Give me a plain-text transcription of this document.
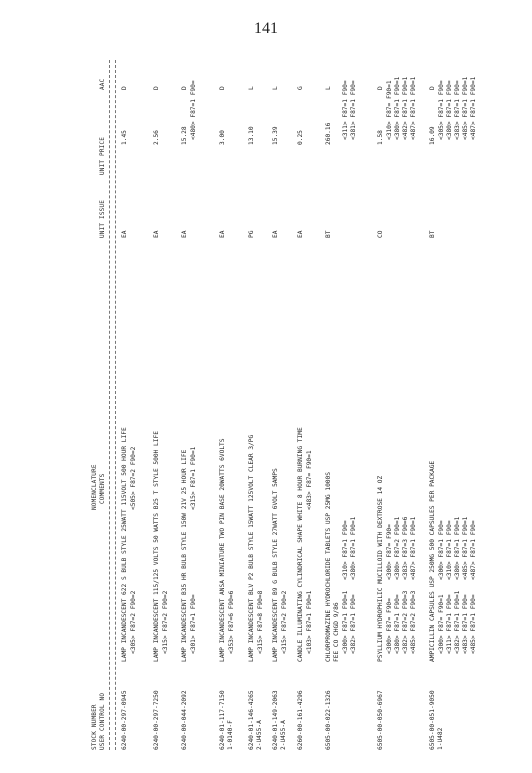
141
STOCK NUMBER USER CONTROL NO
NOMENCLATURE COMMENTS
UNIT ISSUE
UNIT PRICE
AAC
6240-00-297-0945
LAMP INCANDESCENT 622 S BULB STYLE 25WATT 115VOLT 500 HOUR LIFE
EA
1.45
D
<305> F87=2 F90=2
<505> F87=2 F90=2
6240-00-297-7250
LAMP INCANDESCENT 115/125 VOLTS 50 WATTS B25 T STYLE 500H LIFE
EA
2.56
D
<315> F87=2 F90=2
6240-00-044-2092
LAMP INCANDESCENT B35 HR BULB STYLE 150W 21V 25 HOUR LIFE
EA
15.28
D
<301> F87=1 F90=
<315> F87=1 F90=1
<480> F87=1 F90=
6240-01-117-7150 1-0140-F
LAMP INCANDESCENT ANSA MINIATURE TWO PIN BASE 20WATTS 6VOLTS
EA
3.00
D
<353> F87=6 F90=6
6240-01-146-4265 2-U455-A
LAMP INCANDESCENT BLV P2 BULB STYLE 15WATT 125VOLT CLEAR 3/PG
PG
13.10
L
<315> F87=8 F90=8
6240-01-149-2063 2-U455-A
LAMP INCANDESCENT B9 G BULB STYLE 27WATT 6VOLT 5AMPS
EA
15.39
L
<315> F87=2 F90=2
6260-00-161-4296
CANDLE ILLUMINATING CYLINDRICAL SHAPE WHITE 8 HOUR BURNING TIME
EA
0.25
G
<103> F87=1 F90=1
<483> F87= F90=1
6505-00-022-1326
CHLORPROMAZINE HYDROCHLORIDE TABLETS USP 25MG 1000S FEE CO CHGD 9/86
BT
260.16
L
<300> F87=1 F90=1 <382> F87=1 F90=
<310> F87=1 F90= <380> F87=1 F90=1
<311> F87=1 F90= <381> F87=1 F90=
6505-00-050-6967
PSYLLIUM HYDROPHILIC MUCILLOID WITH DEXTROSE 14 OZ
CO
1.58
D
<300> F87= F90= <380> F87=1 F90= <382> F87=2 F90=3 <485> F87=2 F90=3
<300> F87= F90= <380> F87=2 F90=1 <383> F87=3 F90=6 <487> F87=1 F90=1
<310> F87= F90=1 <380> F87=1 F90=1 <482> F87=1 F90=1 <487> F87=1 F90=1
6505-00-051-9050 1-U482
AMPICILLIN CAPSULES USP 250MG 500 CAPSULES PER PACKAGE
BT
16.09
D
<300> F87= F90=1 <311> F87=1 F90= <382> F87=1 F90=1 <483> F87=1 F90= <485> F87=1 F90=
<300> F87=1 F90= <310> F87=1 F90= <380> F87=1 F90=1 <485> F87=1 F90=1 <487> F87=1 F90=
<305> F87=1 F90= <380> F87=1 F90= <383> F87=1 F90= <485> F87=1 F90=1 <487> F87=1 F90=1
